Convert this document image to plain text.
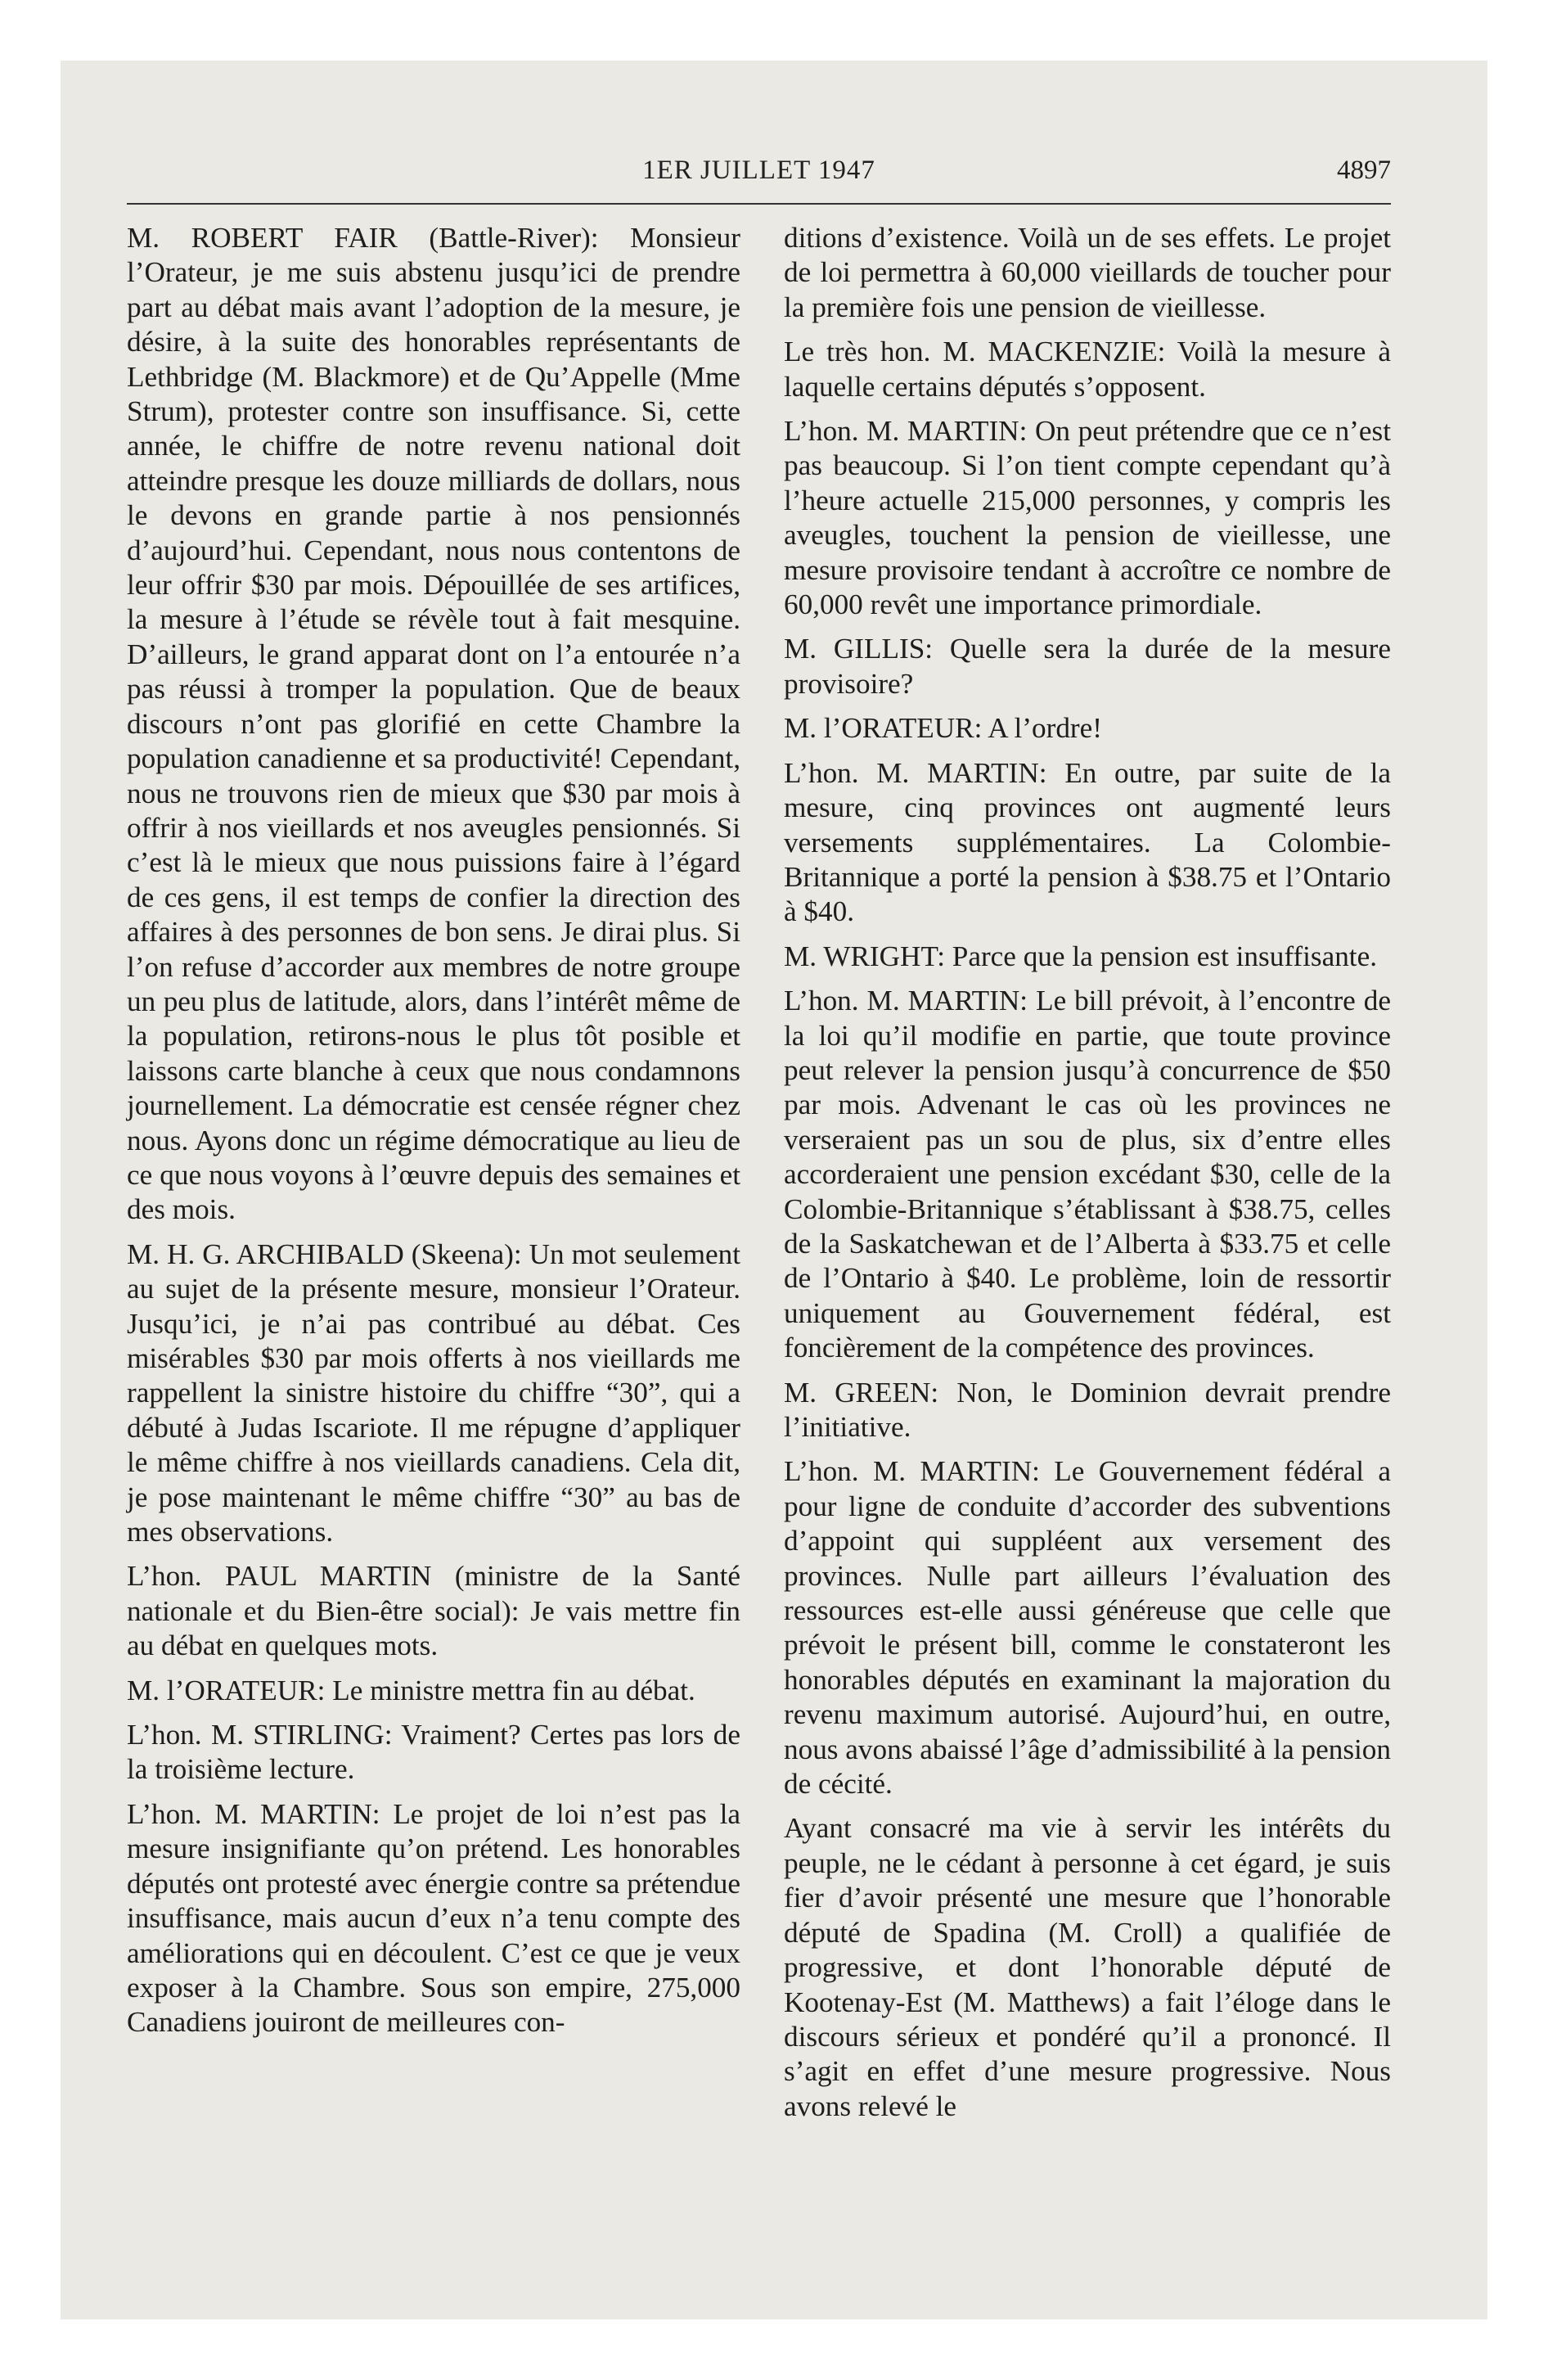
1ER JUILLET 1947	4897

M. ROBERT FAIR (Battle-River): Monsieur l’Orateur, je me suis abstenu jusqu’ici de prendre part au débat mais avant l’adoption de la mesure, je désire, à la suite des honorables représentants de Lethbridge (M. Blackmore) et de Qu’Appelle (Mme Strum), protester contre son insuffisance. Si, cette année, le chiffre de notre revenu national doit atteindre presque les douze milliards de dollars, nous le devons en grande partie à nos pensionnés d’aujourd’hui. Cependant, nous nous contentons de leur offrir $30 par mois. Dépouillée de ses artifices, la mesure à l’étude se révèle tout à fait mesquine. D’ailleurs, le grand apparat dont on l’a entourée n’a pas réussi à tromper la population. Que de beaux discours n’ont pas glorifié en cette Chambre la population canadienne et sa productivité! Cependant, nous ne trouvons rien de mieux que $30 par mois à offrir à nos vieillards et nos aveugles pensionnés. Si c’est là le mieux que nous puissions faire à l’égard de ces gens, il est temps de confier la direction des affaires à des personnes de bon sens. Je dirai plus. Si l’on refuse d’accorder aux membres de notre groupe un peu plus de latitude, alors, dans l’intérêt même de la population, retirons-nous le plus tôt posible et laissons carte blanche à ceux que nous condamnons journellement. La démocratie est censée régner chez nous. Ayons donc un régime démocratique au lieu de ce que nous voyons à l’œuvre depuis des semaines et des mois.

M. H. G. ARCHIBALD (Skeena): Un mot seulement au sujet de la présente mesure, monsieur l’Orateur. Jusqu’ici, je n’ai pas contribué au débat. Ces misérables $30 par mois offerts à nos vieillards me rappellent la sinistre histoire du chiffre “30”, qui a débuté à Judas Iscariote. Il me répugne d’appliquer le même chiffre à nos vieillards canadiens. Cela dit, je pose maintenant le même chiffre “30” au bas de mes observations.

L’hon. PAUL MARTIN (ministre de la Santé nationale et du Bien-être social): Je vais mettre fin au débat en quelques mots.

M. l’ORATEUR: Le ministre mettra fin au débat.

L’hon. M. STIRLING: Vraiment? Certes pas lors de la troisième lecture.

L’hon. M. MARTIN: Le projet de loi n’est pas la mesure insignifiante qu’on prétend. Les honorables députés ont protesté avec énergie contre sa prétendue insuffisance, mais aucun d’eux n’a tenu compte des améliorations qui en découlent. C’est ce que je veux exposer à la Chambre. Sous son empire, 275,000 Canadiens jouiront de meilleures con-

ditions d’existence. Voilà un de ses effets. Le projet de loi permettra à 60,000 vieillards de toucher pour la première fois une pension de vieillesse.

Le très hon. M. MACKENZIE: Voilà la mesure à laquelle certains députés s’opposent.

L’hon. M. MARTIN: On peut prétendre que ce n’est pas beaucoup. Si l’on tient compte cependant qu’à l’heure actuelle 215,000 personnes, y compris les aveugles, touchent la pension de vieillesse, une mesure provisoire tendant à accroître ce nombre de 60,000 revêt une importance primordiale.

M. GILLIS: Quelle sera la durée de la mesure provisoire?

M. l’ORATEUR: A l’ordre!

L’hon. M. MARTIN: En outre, par suite de la mesure, cinq provinces ont augmenté leurs versements supplémentaires. La Colombie-Britannique a porté la pension à $38.75 et l’Ontario à $40.

M. WRIGHT: Parce que la pension est insuffisante.

L’hon. M. MARTIN: Le bill prévoit, à l’encontre de la loi qu’il modifie en partie, que toute province peut relever la pension jusqu’à concurrence de $50 par mois. Advenant le cas où les provinces ne verseraient pas un sou de plus, six d’entre elles accorderaient une pension excédant $30, celle de la Colombie-Britannique s’établissant à $38.75, celles de la Saskatchewan et de l’Alberta à $33.75 et celle de l’Ontario à $40. Le problème, loin de ressortir uniquement au Gouvernement fédéral, est foncièrement de la compétence des provinces.

M. GREEN: Non, le Dominion devrait prendre l’initiative.

L’hon. M. MARTIN: Le Gouvernement fédéral a pour ligne de conduite d’accorder des subventions d’appoint qui suppléent aux versement des provinces. Nulle part ailleurs l’évaluation des ressources est-elle aussi généreuse que celle que prévoit le présent bill, comme le constateront les honorables députés en examinant la majoration du revenu maximum autorisé. Aujourd’hui, en outre, nous avons abaissé l’âge d’admissibilité à la pension de cécité.

Ayant consacré ma vie à servir les intérêts du peuple, ne le cédant à personne à cet égard, je suis fier d’avoir présenté une mesure que l’honorable député de Spadina (M. Croll) a qualifiée de progressive, et dont l’honorable député de Kootenay-Est (M. Matthews) a fait l’éloge dans le discours sérieux et pondéré qu’il a prononcé. Il s’agit en effet d’une mesure progressive. Nous avons relevé le
